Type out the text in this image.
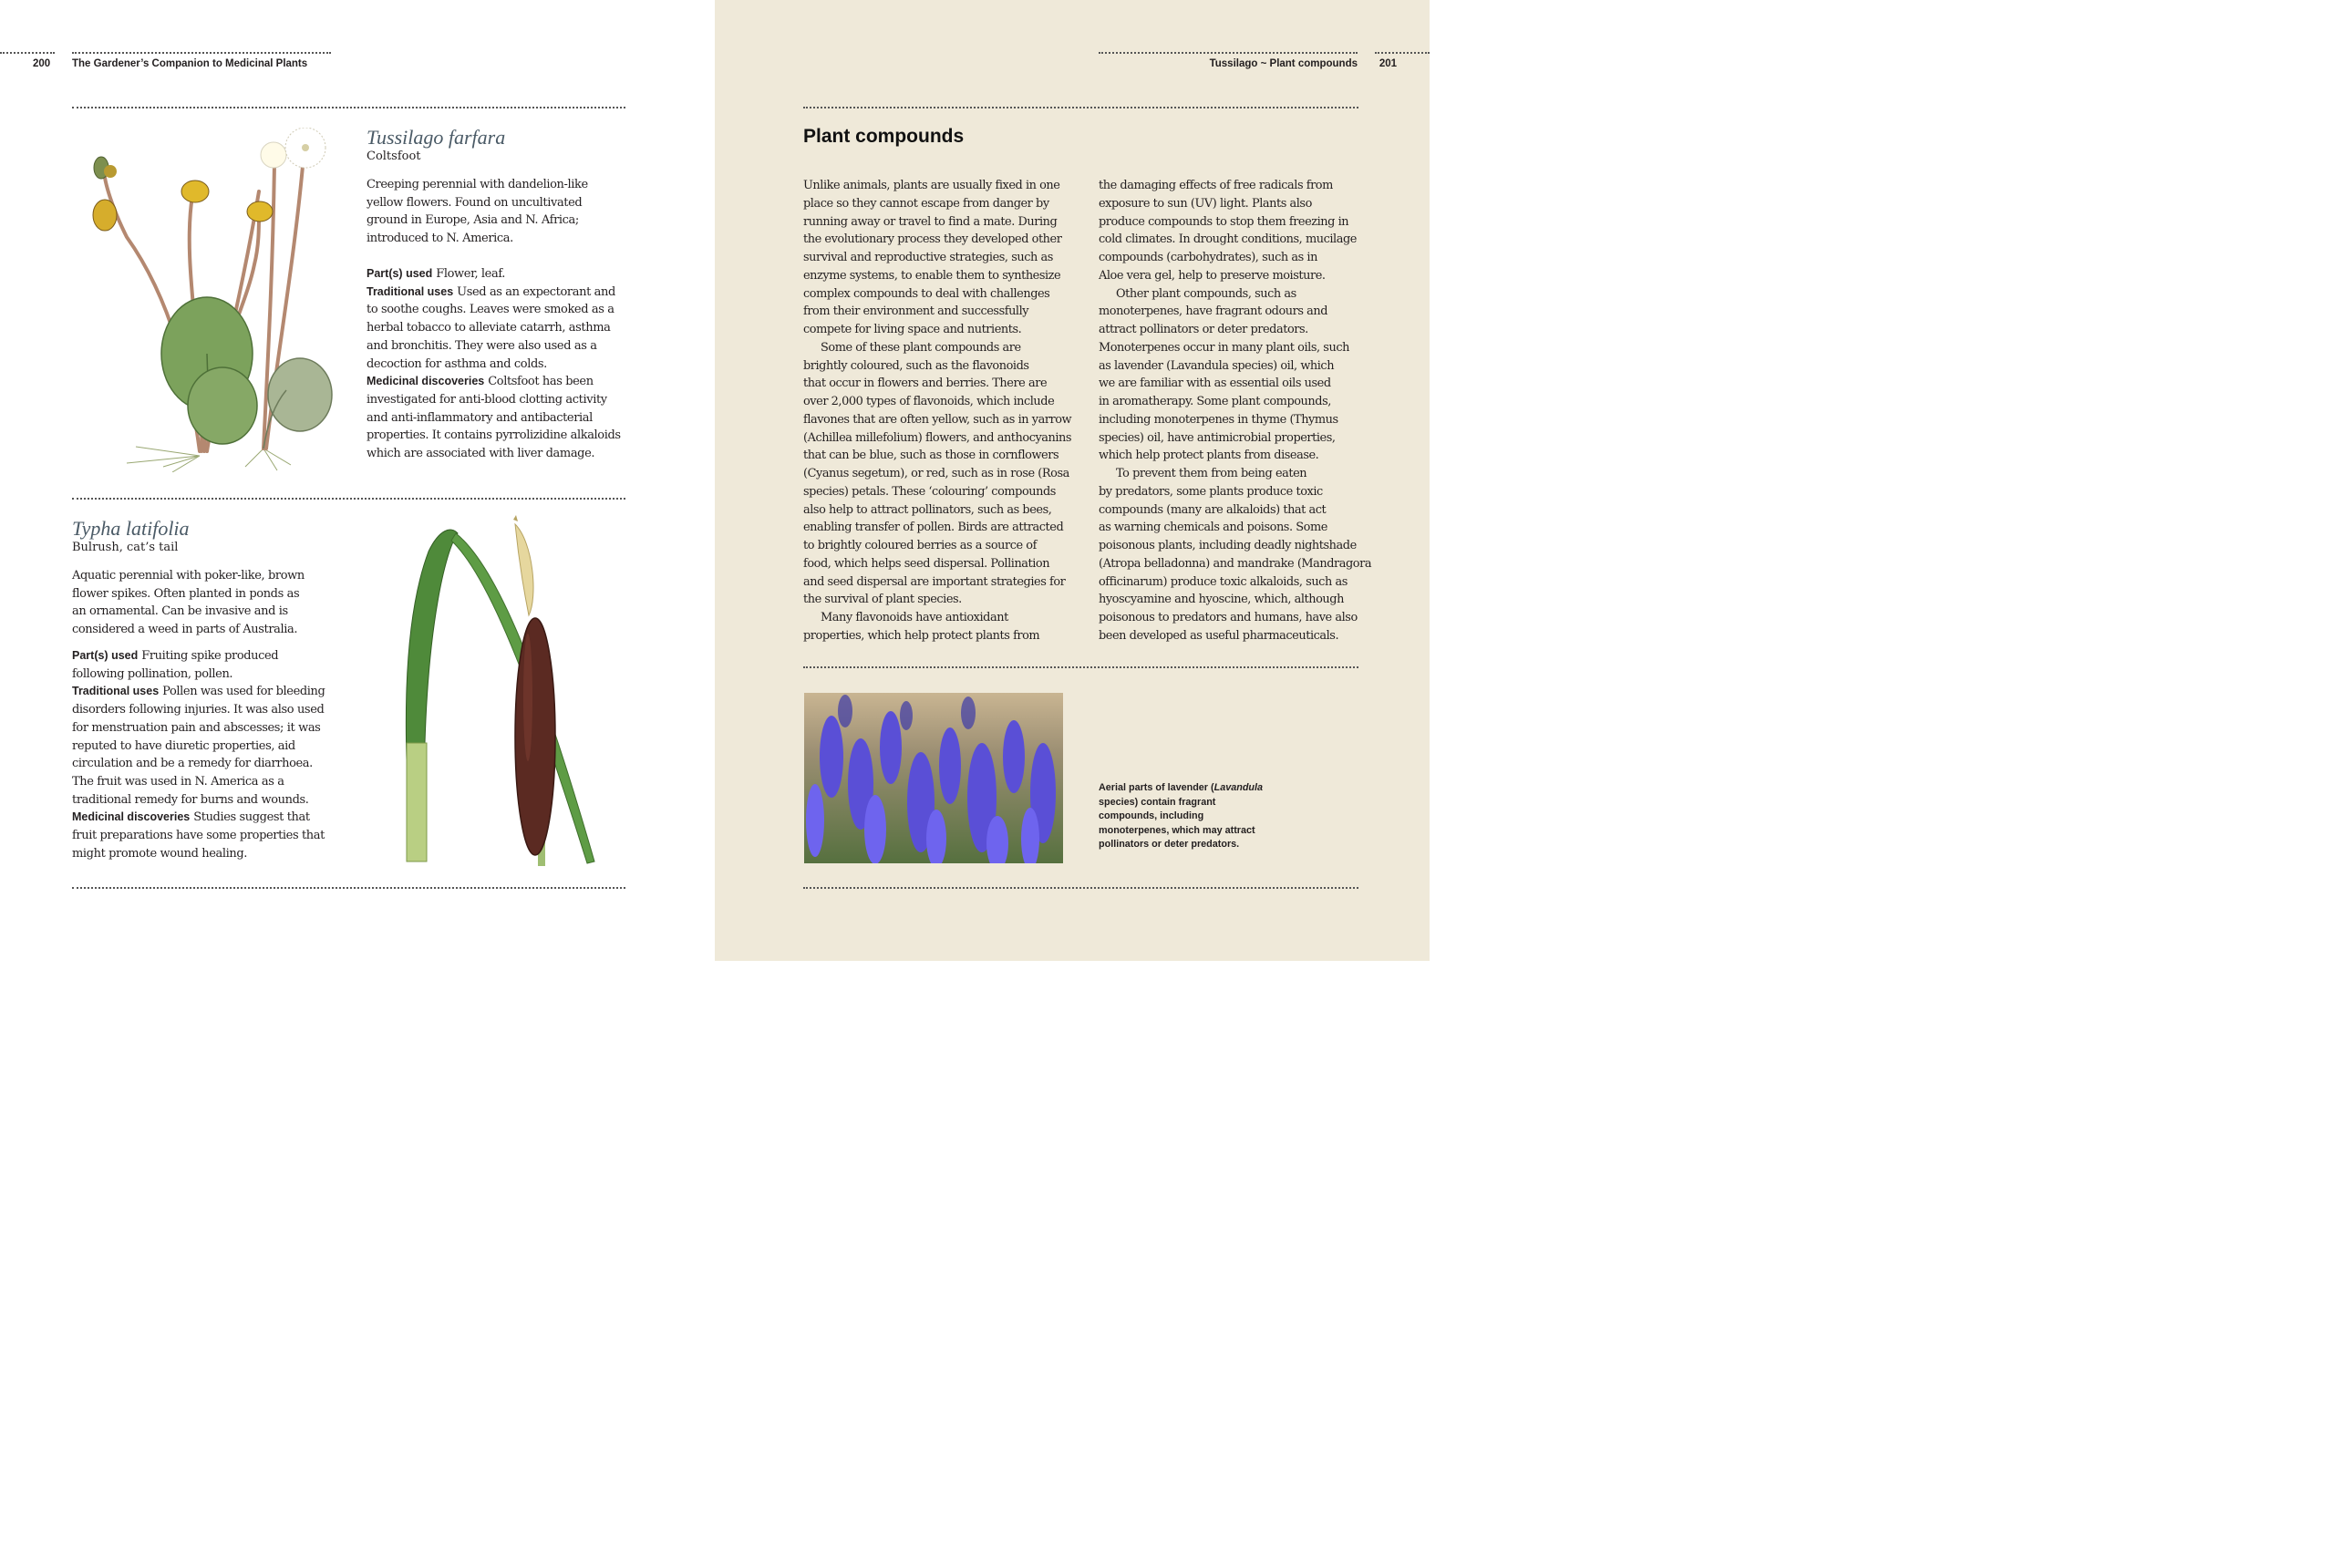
200 The Gardener’s Companion to Medicinal Plants

Tussilago farfara

Coltsfoot

Creeping perennial with dandelion-like
yellow flowers. Found on uncultivated
ground in Europe, Asia and N. Africa;
introduced to N. America.
Part(s) used Flower, leaf.
Traditional uses Used as an expectorant and
to soothe coughs. Leaves were smoked as a
herbal tobacco to alleviate catarrh, asthma
and bronchitis. They were also used as a
decoction for asthma and colds.
Medicinal discoveries Coltsfoot has been
investigated for anti-blood clotting activity
and anti-inflammatory and antibacterial
properties. It contains pyrrolizidine alkaloids
which are associated with liver damage.

Typha latifolia

Bulrush, cat’s tail

Aquatic perennial with poker-like, brown
flower spikes. Often planted in ponds as
an ornamental. Can be invasive and is
considered a weed in parts of Australia.
Part(s) used Fruiting spike produced
following pollination, pollen.
Traditional uses Pollen was used for bleeding
disorders following injuries. It was also used
for menstruation pain and abscesses; it was
reputed to have diuretic properties, aid
circulation and be a remedy for diarrhoea.
The fruit was used in N. America as a
traditional remedy for burns and wounds.
Medicinal discoveries Studies suggest that
fruit preparations have some properties that
might promote wound healing.
Tussilago ~ Plant compounds 201
Plant compounds

Unlike animals, plants are usually fixed in one
place so they cannot escape from danger by
running away or travel to find a mate. During
the evolutionary process they developed other
survival and reproductive strategies, such as
enzyme systems, to enable them to synthesize
complex compounds to deal with challenges
from their environment and successfully
compete for living space and nutrients.

Some of these plant compounds are
brightly coloured, such as the flavonoids
that occur in flowers and berries. There are
over 2,000 types of flavonoids, which include
flavones that are often yellow, such as in yarrow
(Achillea millefolium) flowers, and anthocyanins
that can be blue, such as those in cornflowers
(Cyanus segetum), or red, such as in rose (Rosa
species) petals. These ‘colouring’ compounds
also help to attract pollinators, such as bees,
enabling transfer of pollen. Birds are attracted
to brightly coloured berries as a source of
food, which helps seed dispersal. Pollination
and seed dispersal are important strategies for
the survival of plant species.

Many flavonoids have antioxidant
properties, which help protect plants from

the damaging effects of free radicals from
exposure to sun (UV) light. Plants also
produce compounds to stop them freezing in
cold climates. In drought conditions, mucilage
compounds (carbohydrates), such as in
Aloe vera gel, help to preserve moisture.

Other plant compounds, such as
monoterpenes, have fragrant odours and
attract pollinators or deter predators.
Monoterpenes occur in many plant oils, such
as lavender (Lavandula species) oil, which
we are familiar with as essential oils used
in aromatherapy. Some plant compounds,
including monoterpenes in thyme (Thymus
species) oil, have antimicrobial properties,
which help protect plants from disease.

To prevent them from being eaten
by predators, some plants produce toxic
compounds (many are alkaloids) that act
as warning chemicals and poisons. Some
poisonous plants, including deadly nightshade
(Atropa belladonna) and mandrake (Mandragora
officinarum) produce toxic alkaloids, such as
hyoscyamine and hyoscine, which, although
poisonous to predators and humans, have also
been developed as useful pharmaceuticals.

Aerial parts of lavender (Lavandula species) contain fragrant compounds, including monoterpenes, which may attract pollinators or deter predators.
